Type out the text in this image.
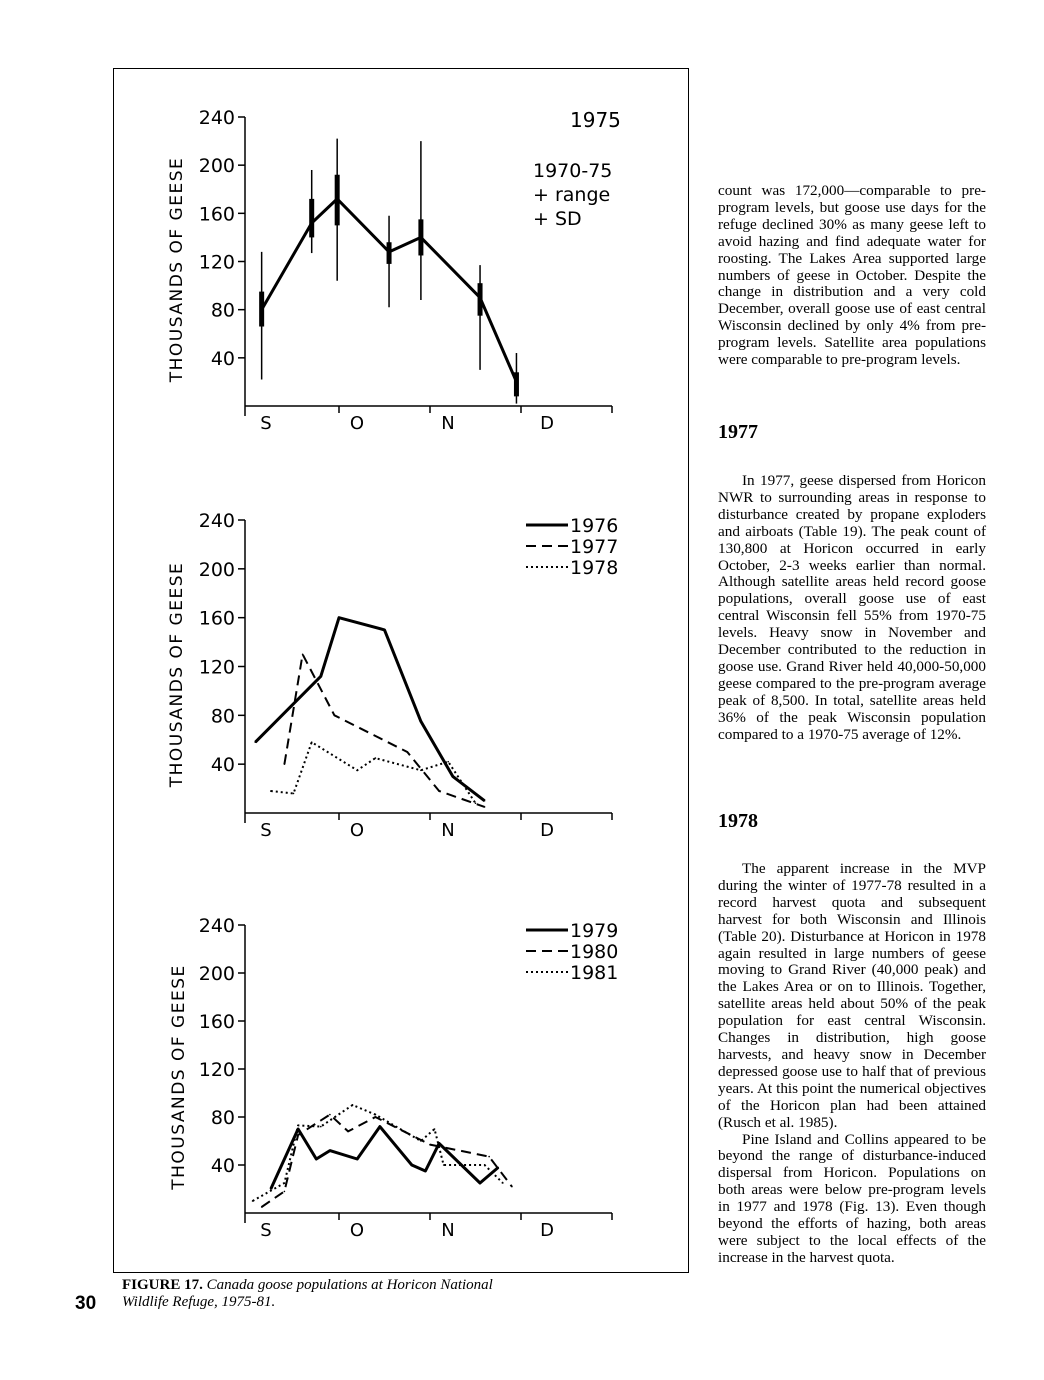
40
80
120
160
200
240
S	O	N	D
THOUSANDS OF GEESE
1975
1970-75
+ range
+ SD
40
80
120
160
200
240
S	O	N	D
THOUSANDS OF GEESE
1976
1977
1978
40
80
120
160
200
240
S	O	N	D
THOUSANDS OF GEESE
1979
1980
1981
FIGURE 17. Canada goose populations at Horicon National Wildlife Refuge, 1975-81.
30

count was 172,000—comparable to pre-program levels, but goose use days for the refuge declined 30% as many geese left to avoid hazing and find adequate water for roosting. The Lakes Area supported large numbers of geese in October. Despite the change in distribution and a very cold December, overall goose use of east central Wisconsin declined by only 4% from pre-program levels. Satellite area populations were comparable to pre-program levels.

1977

In 1977, geese dispersed from Horicon NWR to surrounding areas in response to disturbance created by propane exploders and airboats (Table 19). The peak count of 130,800 at Horicon occurred in early October, 2-3 weeks earlier than normal. Although satellite areas held record goose populations, overall goose use of east central Wisconsin fell 55% from 1970-75 levels. Heavy snow in November and December contributed to the reduction in goose use. Grand River held 40,000-50,000 geese compared to the pre-program average peak of 8,500. In total, satellite areas held 36% of the peak Wisconsin population compared to a 1970-75 average of 12%.

1978

The apparent increase in the MVP during the winter of 1977-78 resulted in a record harvest quota and subsequent harvest for both Wisconsin and Illinois (Table 20). Disturbance at Horicon in 1978 again resulted in large numbers of geese moving to Grand River (40,000 peak) and the Lakes Area or on to Illinois. Together, satellite areas held about 50% of the peak population for east central Wisconsin. Changes in distribution, high goose harvests, and heavy snow in December depressed goose use to half that of previous years. At this point the numerical objectives of the Horicon plan had been attained (Rusch et al. 1985).

Pine Island and Collins appeared to be beyond the range of disturbance-induced dispersal from Horicon. Populations on both areas were below pre-program levels in 1977 and 1978 (Fig. 13). Even though beyond the efforts of hazing, both areas were subject to the local effects of the increase in the harvest quota.
